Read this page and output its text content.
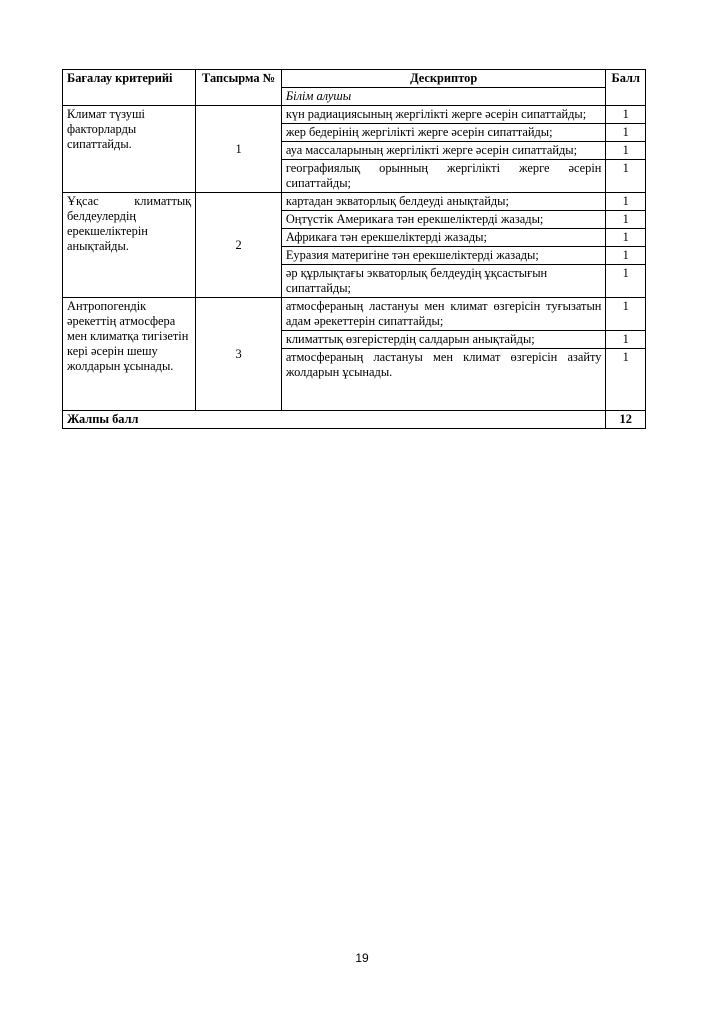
Бағалау критерийі	Тапсырма №	Дескриптор	Балл
		Білім алушы	
Климат түзуші факторларды сипаттайды.	1	күн радиациясының жергілікті жерге әсерін сипаттайды;	1
		жер бедерінің жергілікті жерге әсерін сипаттайды;	1
		ауа массаларының жергілікті жерге әсерін сипаттайды;	1
		географиялық орынның жергілікті жерге әсерін сипаттайды;	1
Ұқсас климаттық белдеулердің ерекшеліктерін анықтайды.	2	картадан экваторлық белдеуді анықтайды;	1
		Оңтүстік Америкаға тән ерекшеліктерді жазады;	1
		Африкаға тән ерекшеліктерді жазады;	1
		Еуразия материгіне тән ерекшеліктерді жазады;	1
		әр құрлықтағы экваторлық белдеудің ұқсастығын сипаттайды;	1
Антропогендік әрекеттің атмосфера мен климатқа тигізетін кері әсерін шешу жолдарын ұсынады.	3	атмосфераның ластануы мен климат өзгерісін туғызатын адам әрекеттерін сипаттайды;	1
		климаттық өзгерістердің салдарын анықтайды;	1
		атмосфераның ластануы мен климат өзгерісін азайту жолдарын ұсынады.	1
Жалпы балл			12
19
